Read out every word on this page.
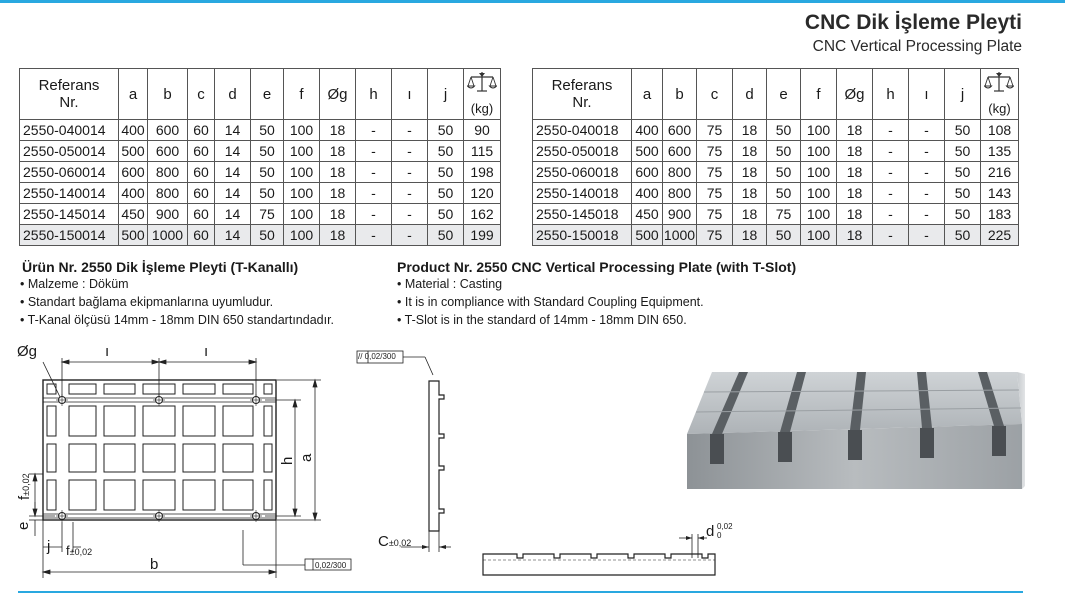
CNC Dik İşleme Pleyti
CNC Vertical Processing Plate
Referans
Nr.	a	b	c	d	e	f	Øg	h	ı	j	(kg)

2550-040014	400	600	60	14	50	100	18	-	-	50	90
2550-050014	500	600	60	14	50	100	18	-	-	50	115
2550-060014	600	800	60	14	50	100	18	-	-	50	198
2550-140014	400	800	60	14	50	100	18	-	-	50	120
2550-145014	450	900	60	14	75	100	18	-	-	50	162
2550-150014	500	1000	60	14	50	100	18	-	-	50	199
Referans
Nr.	a	b	c	d	e	f	Øg	h	ı	j	(kg)

2550-040018	400	600	75	18	50	100	18	-	-	50	108
2550-050018	500	600	75	18	50	100	18	-	-	50	135
2550-060018	600	800	75	18	50	100	18	-	-	50	216
2550-140018	400	800	75	18	50	100	18	-	-	50	143
2550-145018	450	900	75	18	75	100	18	-	-	50	183
2550-150018	500	1000	75	18	50	100	18	-	-	50	225
Ürün Nr. 2550 Dik İşleme Pleyti (T-Kanallı)
• Malzeme : Döküm
• Standart bağlama ekipmanlarına uyumludur.
• T-Kanal ölçüsü 14mm - 18mm DIN 650 standartındadır.
Product Nr. 2550 CNC Vertical Processing Plate (with T-Slot)
• Material : Casting
• It is in compliance with Standard Coupling Equipment.
• T-Slot is in the standard of 14mm - 18mm DIN 650.
Øg	ı	ı
h a
f±0,02
e
j f±0,02
b	0,02/300
// 0,02/300
C±0,02
d 0,02
0
